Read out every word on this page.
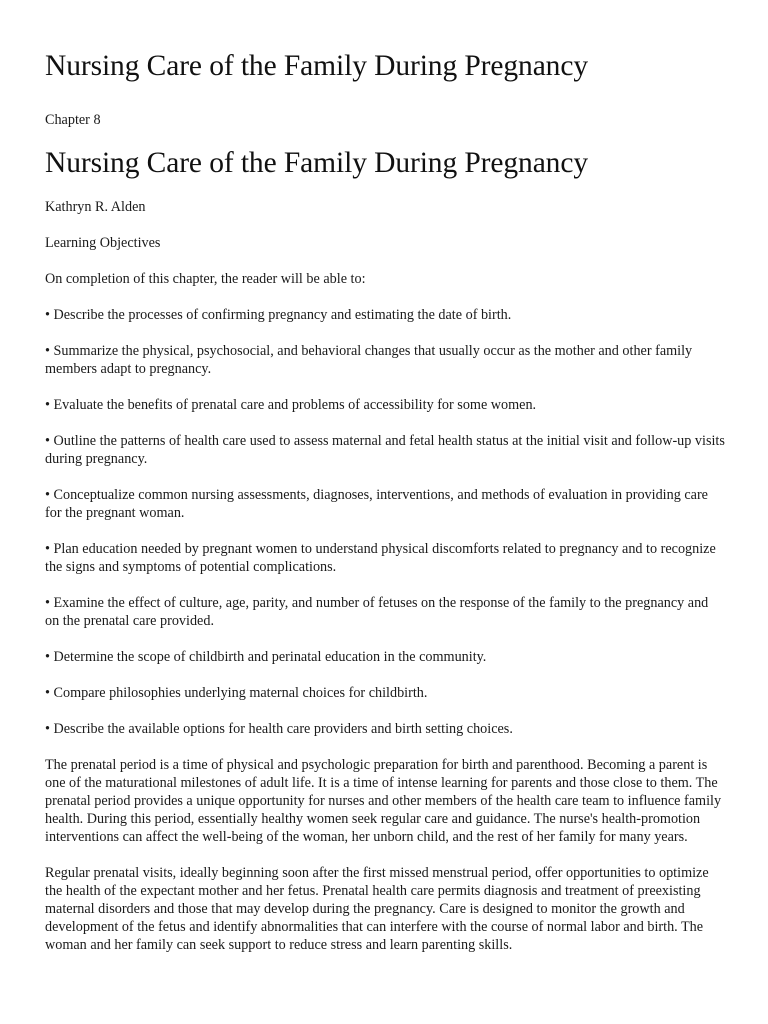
Nursing Care of the Family During Pregnancy

Chapter 8

Nursing Care of the Family During Pregnancy

Kathryn R. Alden

Learning Objectives

On completion of this chapter, the reader will be able to:

• Describe the processes of confirming pregnancy and estimating the date of birth.

• Summarize the physical, psychosocial, and behavioral changes that usually occur as the mother and other family members adapt to pregnancy.

• Evaluate the benefits of prenatal care and problems of accessibility for some women.

• Outline the patterns of health care used to assess maternal and fetal health status at the initial visit and follow-up visits during pregnancy.

• Conceptualize common nursing assessments, diagnoses, interventions, and methods of evaluation in providing care for the pregnant woman.

• Plan education needed by pregnant women to understand physical discomforts related to pregnancy and to recognize the signs and symptoms of potential complications.

• Examine the effect of culture, age, parity, and number of fetuses on the response of the family to the pregnancy and on the prenatal care provided.

• Determine the scope of childbirth and perinatal education in the community.

• Compare philosophies underlying maternal choices for childbirth.

• Describe the available options for health care providers and birth setting choices.

The prenatal period is a time of physical and psychologic preparation for birth and parenthood. Becoming a parent is one of the maturational milestones of adult life. It is a time of intense learning for parents and those close to them. The prenatal period provides a unique opportunity for nurses and other members of the health care team to influence family health. During this period, essentially healthy women seek regular care and guidance. The nurse's health-promotion interventions can affect the well-being of the woman, her unborn child, and the rest of her family for many years.

Regular prenatal visits, ideally beginning soon after the first missed menstrual period, offer opportunities to optimize the health of the expectant mother and her fetus. Prenatal health care permits diagnosis and treatment of preexisting maternal disorders and those that may develop during the pregnancy. Care is designed to monitor the growth and development of the fetus and identify abnormalities that can interfere with the course of normal labor and birth. The woman and her family can seek support to reduce stress and learn parenting skills.
